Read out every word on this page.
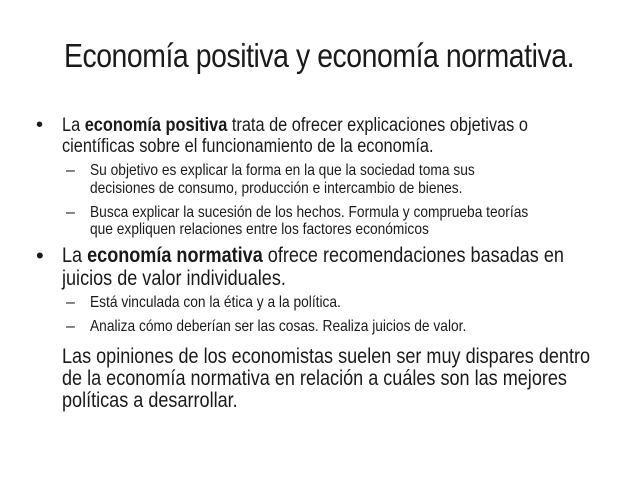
Economía positiva y economía normativa.
• La economía positiva trata de ofrecer explicaciones objetivas o
científicas sobre el funcionamiento de la economía.
– Su objetivo es explicar la forma en la que la sociedad toma sus
decisiones de consumo, producción e intercambio de bienes.
– Busca explicar la sucesión de los hechos. Formula y comprueba teorías
que expliquen relaciones entre los factores económicos
• La economía normativa ofrece recomendaciones basadas en
juicios de valor individuales.
– Está vinculada con la ética y a la política.
– Analiza cómo deberían ser las cosas. Realiza juicios de valor.
Las opiniones de los economistas suelen ser muy dispares dentro
de la economía normativa en relación a cuáles son las mejores
políticas a desarrollar.
